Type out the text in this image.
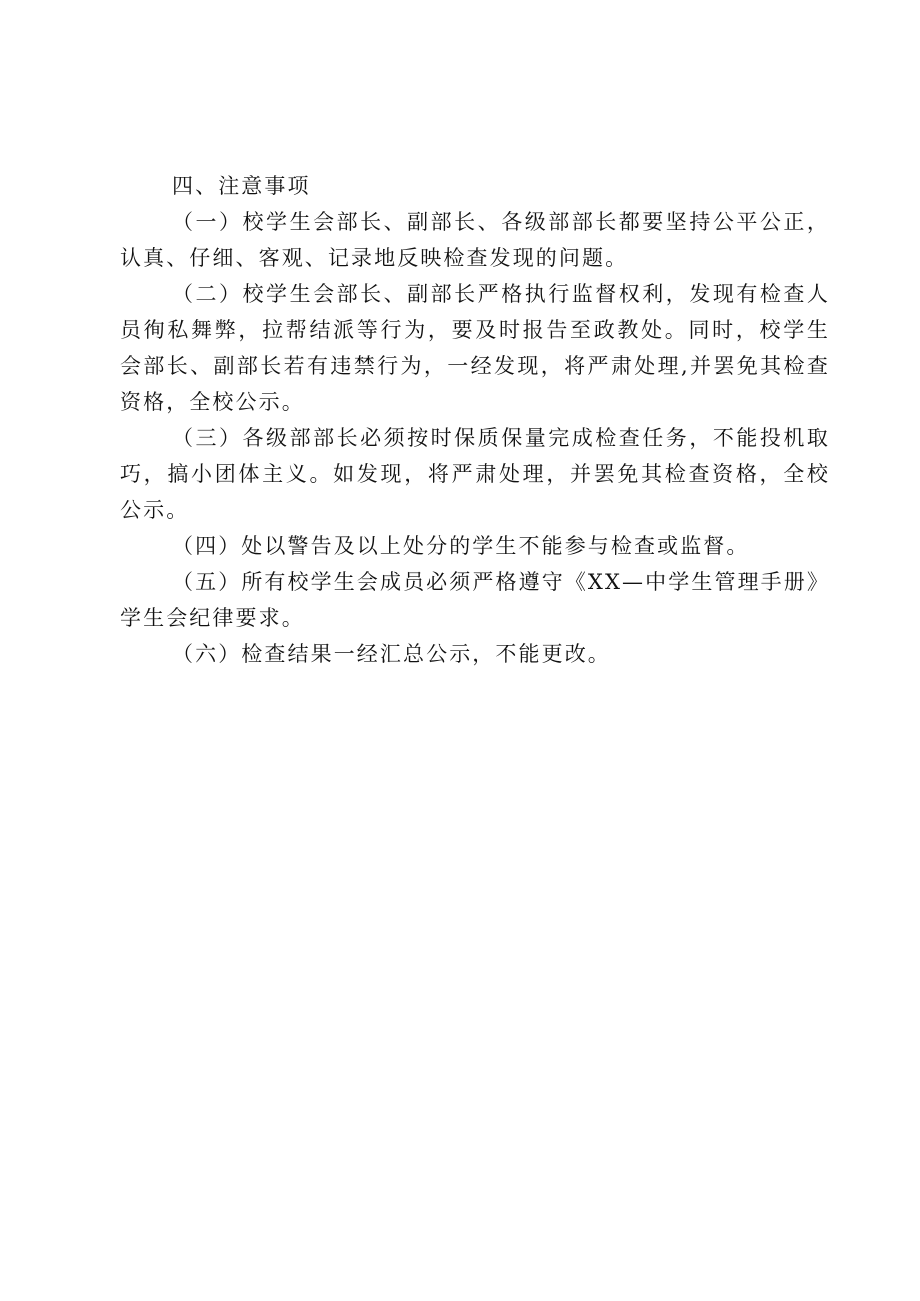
四、注意事项

（一）校学生会部长、副部长、各级部部长都要坚持公平公正，认真、仔细、客观、记录地反映检查发现的问题。

（二）校学生会部长、副部长严格执行监督权利，发现有检查人员徇私舞弊，拉帮结派等行为，要及时报告至政教处。同时，校学生会部长、副部长若有违禁行为，一经发现，将严肃处理,并罢免其检查资格，全校公示。

（三）各级部部长必须按时保质保量完成检查任务，不能投机取巧，搞小团体主义。如发现，将严肃处理，并罢免其检查资格，全校公示。

（四）处以警告及以上处分的学生不能参与检查或监督。

（五）所有校学生会成员必须严格遵守《XX—中学生管理手册》学生会纪律要求。

（六）检查结果一经汇总公示，不能更改。
